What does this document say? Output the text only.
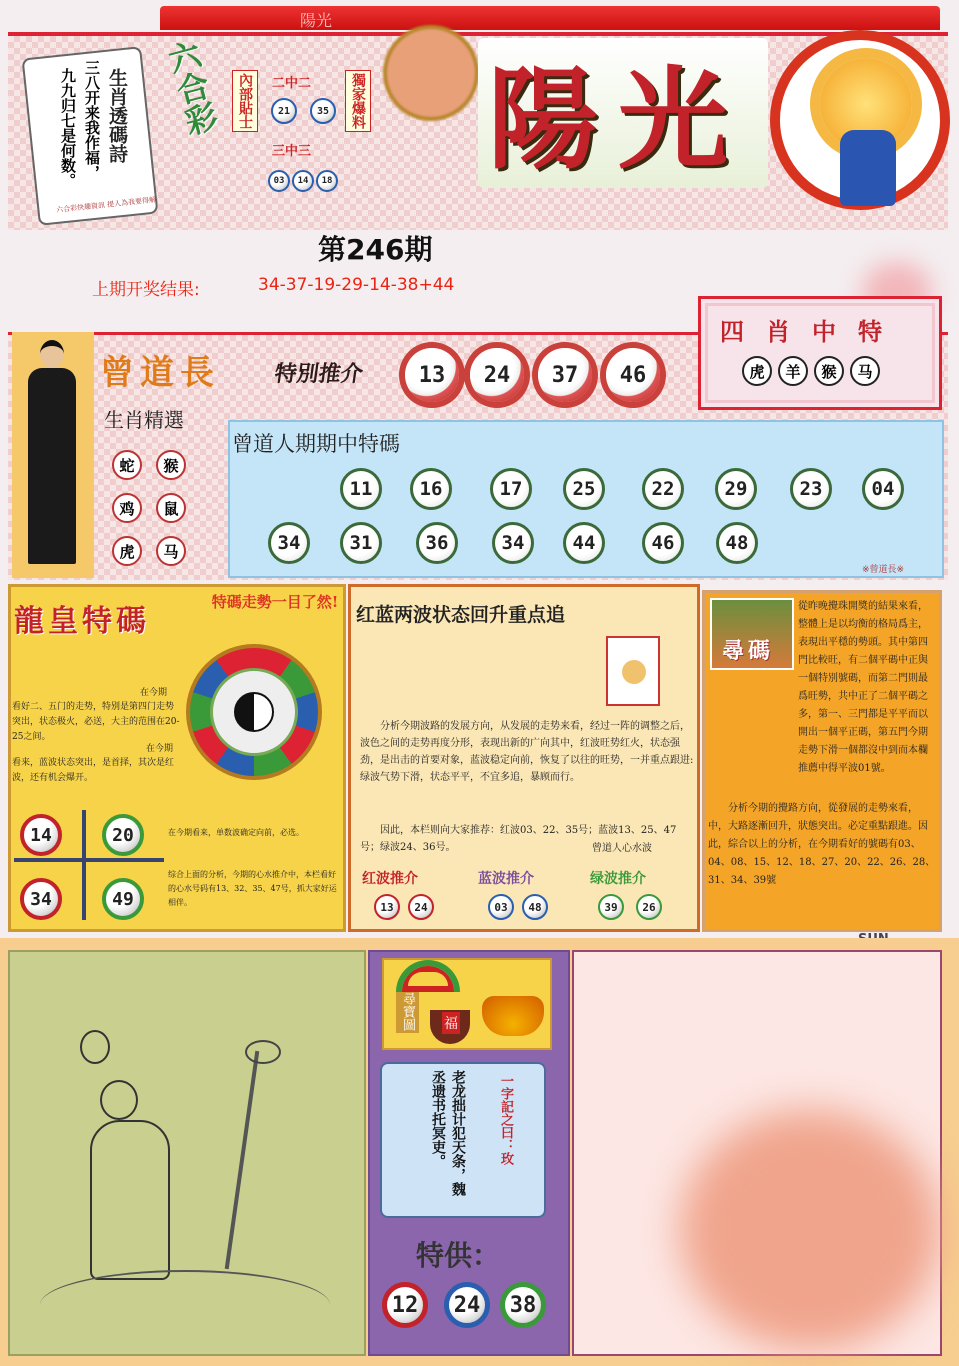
陽光
生肖透碼詩
三八开来我作福，
九九归七是何数。
六合彩快趣資訊 提人為我要得解
六合彩	內部貼士	二中二
21	35
三中三
03	14	18
獨家爆料 陽光
第246期
上期开奖结果:	34-37-19-29-14-38+44
曾道長 特別推介	13	24	37	46
生肖精選
蛇	猴
鸡	鼠
虎	马
四肖中特
虎	羊	猴	马
曾道人期期中特碼
11	16	17	25	22	29	23	04
34	31	36	34	44	46	48
※曾道長※
龍皇特碼
特碼走勢一目了然!
在今期
看好二、五门的走势，特别是第四门走势突出，状态极火，必送，大主的范围在20-25之间。
在今期
看来，蓝波状态突出，是首择，其次是红波，还有机会爆开。
14	20
34	49
在今期看来，单数波确定向前，必选。
综合上面的分析，今期的心水推介中，本栏看好的心水号码有13、32、35、47号，抓大家好运相伴。
红蓝两波状态回升重点追
分析今期波路的发展方向，从发展的走势来看，经过一阵的调整之后，波色之间的走势再度分形，表现出新的广向其中，红波旺势红火，状态强劲，是出击的首要对象，蓝波稳定向前，恢复了以往的旺势，一并重点跟进:绿波气势下滑，状态平平，不宜多追，暴顾而行。
因此，本栏则向大家推荐：红波03、22、35号；蓝波13、25、47号；绿波24、36号。	曾道人心水波
红波推介	蓝波推介	绿波推介
13	24	03	48	39	26
尋碼
從昨晚攪珠開獎的結果來看，整體上是以均衡的格局爲主，表現出平穩的勢頭。其中第四門比較旺，有二個平碼中正與一個特別號碼，而第二門則最爲旺勢，共中正了二個平碼之多，第一、三門都是平平而以開出一個平正碼，第五門今期走勢下滑一個都沒中到而本欄推薦中得平波01號。
分析今期的攪路方向，從發展的走勢來看，中，大路逐漸回升，狀態突出。必定重點跟進。因此，綜合以上的分析，在今期看好的號碼有03、04、08、15、12、18、27、20、22、26、28、31、34、39號
尋寶圖 福
老龙拙计犯天条，魏丞遗书托冥吏。	一字記之曰：玫
特供：
12	24	38
